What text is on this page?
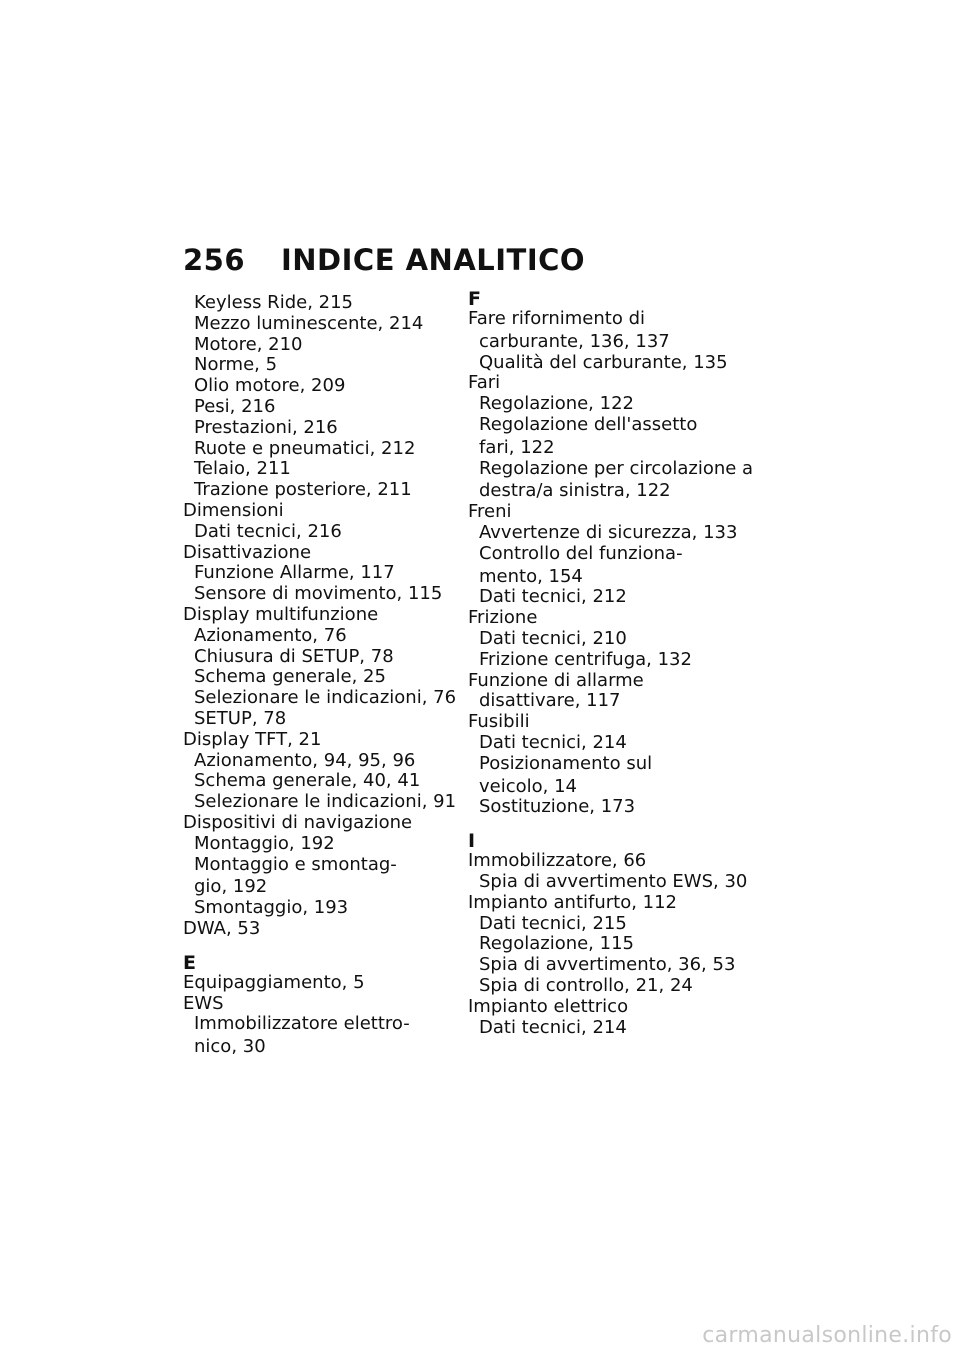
256 INDICE ANALITICO
Keyless Ride, 215
Mezzo luminescente, 214
Motore, 210
Norme, 5
Olio motore, 209
Pesi, 216
Prestazioni, 216
Ruote e pneumatici, 212
Telaio, 211
Trazione posteriore, 211
Dimensioni
Dati tecnici, 216
Disattivazione
Funzione Allarme, 117
Sensore di movimento, 115
Display multifunzione
Azionamento, 76
Chiusura di SETUP, 78
Schema generale, 25
Selezionare le indicazioni, 76
SETUP, 78
Display TFT, 21
Azionamento, 94, 95, 96
Schema generale, 40, 41
Selezionare le indicazioni, 91
Dispositivi di navigazione
Montaggio, 192
Montaggio e smontag-
gio, 192
Smontaggio, 193
DWA, 53
E
Equipaggiamento, 5
EWS
Immobilizzatore elettro-
nico, 30
F
Fare rifornimento di
carburante, 136, 137
Qualità del carburante, 135
Fari
Regolazione, 122
Regolazione dell'assetto
fari, 122
Regolazione per circolazione a
destra/a sinistra, 122
Freni
Avvertenze di sicurezza, 133
Controllo del funziona-
mento, 154
Dati tecnici, 212
Frizione
Dati tecnici, 210
Frizione centrifuga, 132
Funzione di allarme
disattivare, 117
Fusibili
Dati tecnici, 214
Posizionamento sul
veicolo, 14
Sostituzione, 173
I
Immobilizzatore, 66
Spia di avvertimento EWS, 30
Impianto antifurto, 112
Dati tecnici, 215
Regolazione, 115
Spia di avvertimento, 36, 53
Spia di controllo, 21, 24
Impianto elettrico
Dati tecnici, 214
carmanualsonline.info
